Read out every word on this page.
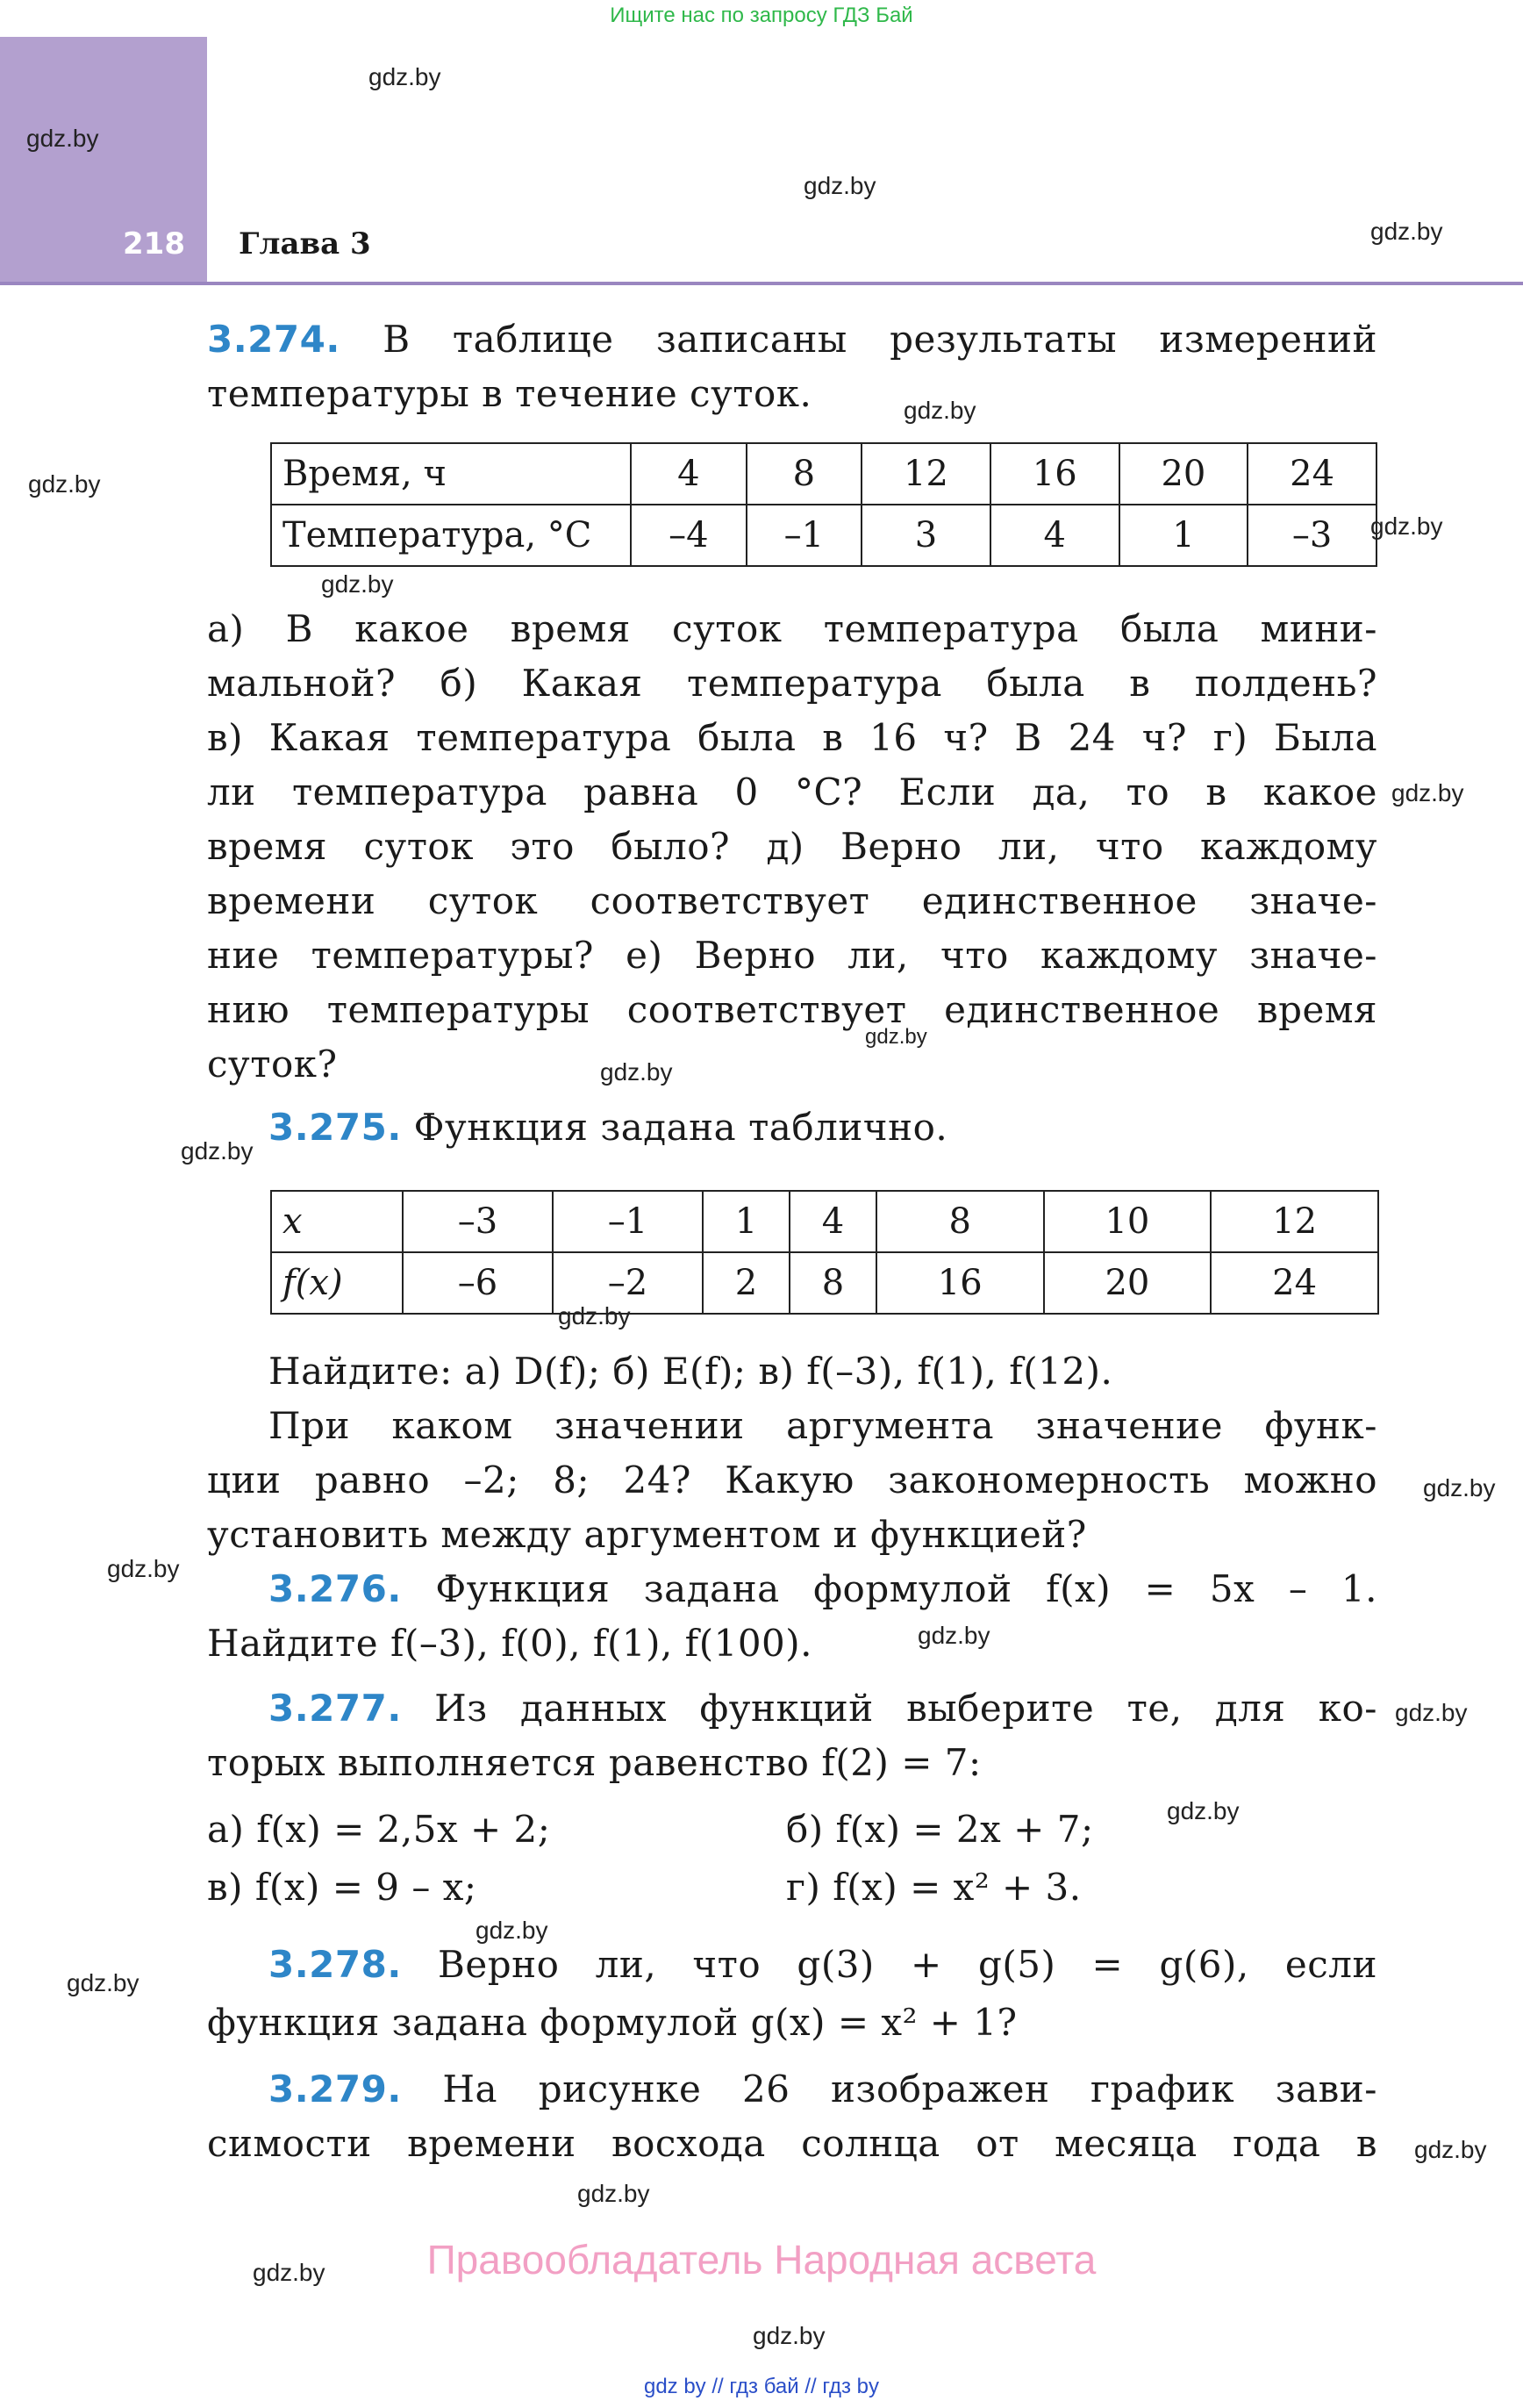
Ищите нас по запросу ГДЗ Бай
218 Глава 3
gdz.by
gdz.by
gdz.by
gdz.by
gdz.by
gdz.by
gdz.by
gdz.by
gdz.by
gdz.by
gdz.by
gdz.by
gdz.by
gdz.by
gdz.by
gdz.by
gdz.by
gdz.by
gdz.by
gdz.by
gdz.by
gdz.by
gdz.by
gdz.by
3.274. В таблице записаны результаты измерений
температуры в течение суток.
Время, ч	4	8	12	16	20	24
Температура, °C	–4	–1	3	4	1	–3
а) В какое время суток температура была мини-
мальной? б) Какая температура была в полдень?
в) Какая температура была в 16 ч? В 24 ч? г) Была
ли температура равна 0 °C? Если да, то в какое
время суток это было? д) Верно ли, что каждому
времени суток соответствует единственное значе-
ние температуры? е) Верно ли, что каждому значе-
нию температуры соответствует единственное время
суток?
3.275. Функция задана таблично.
x	–3	–1	1	4	8	10	12
f(x)	–6	–2	2	8	16	20	24
Найдите: а) D(f); б) E(f); в) f(–3), f(1), f(12).
При каком значении аргумента значение функ-
ции равно –2; 8; 24? Какую закономерность можно
установить между аргументом и функцией?
3.276. Функция задана формулой f(x) = 5x – 1.
Найдите f(–3), f(0), f(1), f(100).
3.277. Из данных функций выберите те, для ко-
торых выполняется равенство f(2) = 7:
а) f(x) = 2,5x + 2;	б) f(x) = 2x + 7;
в) f(x) = 9 – x;	г) f(x) = x² + 3.
3.278. Верно ли, что g(3) + g(5) = g(6), если
функция задана формулой g(x) = x² + 1?
3.279. На рисунке 26 изображен график зави-
симости времени восхода солнца от месяца года в
Правообладатель Народная асвета
gdz by // гдз бай // гдз by
